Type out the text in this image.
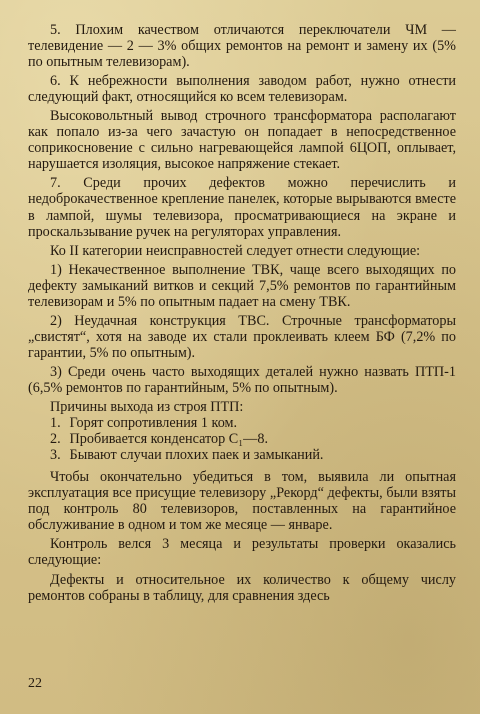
5. Плохим качеством отличаются переключатели ЧМ — телевидение — 2 — 3% общих ремонтов на ремонт и замену их (5% по опытным телевизорам).

6. К небрежности выполнения заводом работ, нужно отнести следующий факт, относящийся ко всем телевизорам.

Высоковольтный вывод строчного трансформатора располагают как попало из-за чего зачастую он попадает в непосредственное соприкосновение с сильно нагревающейся лампой 6ЦОП, оплывает, нарушается изоляция, высокое напряжение стекает.

7. Среди прочих дефектов можно перечислить и недоброкачественное крепление панелек, которые вырываются вместе в лампой, шумы телевизора, просматривающиеся на экране и проскальзывание ручек на регуляторах управления.

Ко II категории неисправностей следует отнести следующие:

1) Некачественное выполнение ТВК, чаще всего выходящих по дефекту замыканий витков и секций 7,5% ремонтов по гарантийным телевизорам и 5% по опытным падает на смену ТВК.

2) Неудачная конструкция ТВС. Строчные трансформаторы „свистят“, хотя на заводе их стали проклеивать клеем БФ (7,2% по гарантии, 5% по опытным).

3) Среди очень часто выходящих деталей нужно назвать ПТП-1 (6,5% ремонтов по гарантийным, 5% по опытным).

Причины выхода из строя ПТП:

1. Горят сопротивления 1 ком.

2. Пробивается конденсатор C₁—8.

3. Бывают случаи плохих паек и замыканий.

Чтобы окончательно убедиться в том, выявила ли опытная эксплуатация все присущие телевизору „Рекорд“ дефекты, были взяты под контроль 80 телевизоров, поставленных на гарантийное обслуживание в одном и том же месяце — январе.

Контроль велся 3 месяца и результаты проверки оказались следующие:

Дефекты и относительное их количество к общему числу ремонтов собраны в таблицу, для сравнения здесь

22
